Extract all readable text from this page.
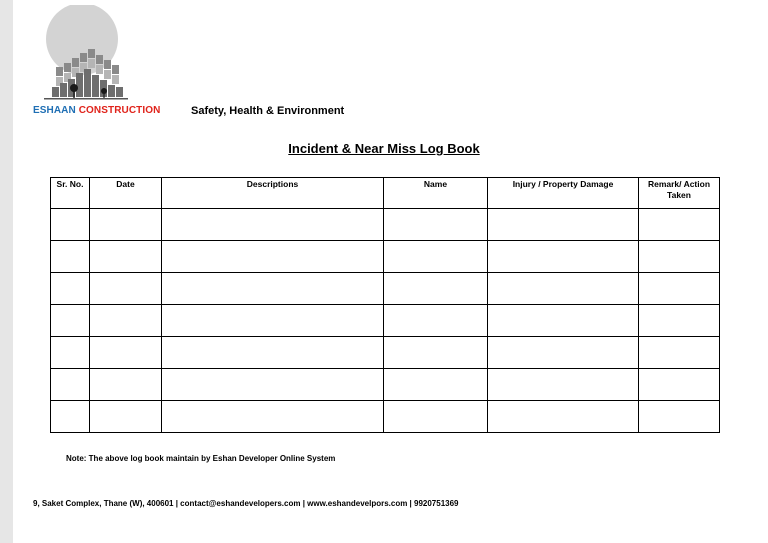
ESHAAN CONSTRUCTION	Safety, Health & Environment
Incident & Near Miss Log Book
Sr. No.	Date	Descriptions	Name	Injury / Property Damage	Remark/ Action Taken

Note: The above log book maintain by Eshan Developer Online System
9, Saket Complex, Thane (W), 400601 | contact@eshandevelopers.com | www.eshandevelpors.com | 9920751369
